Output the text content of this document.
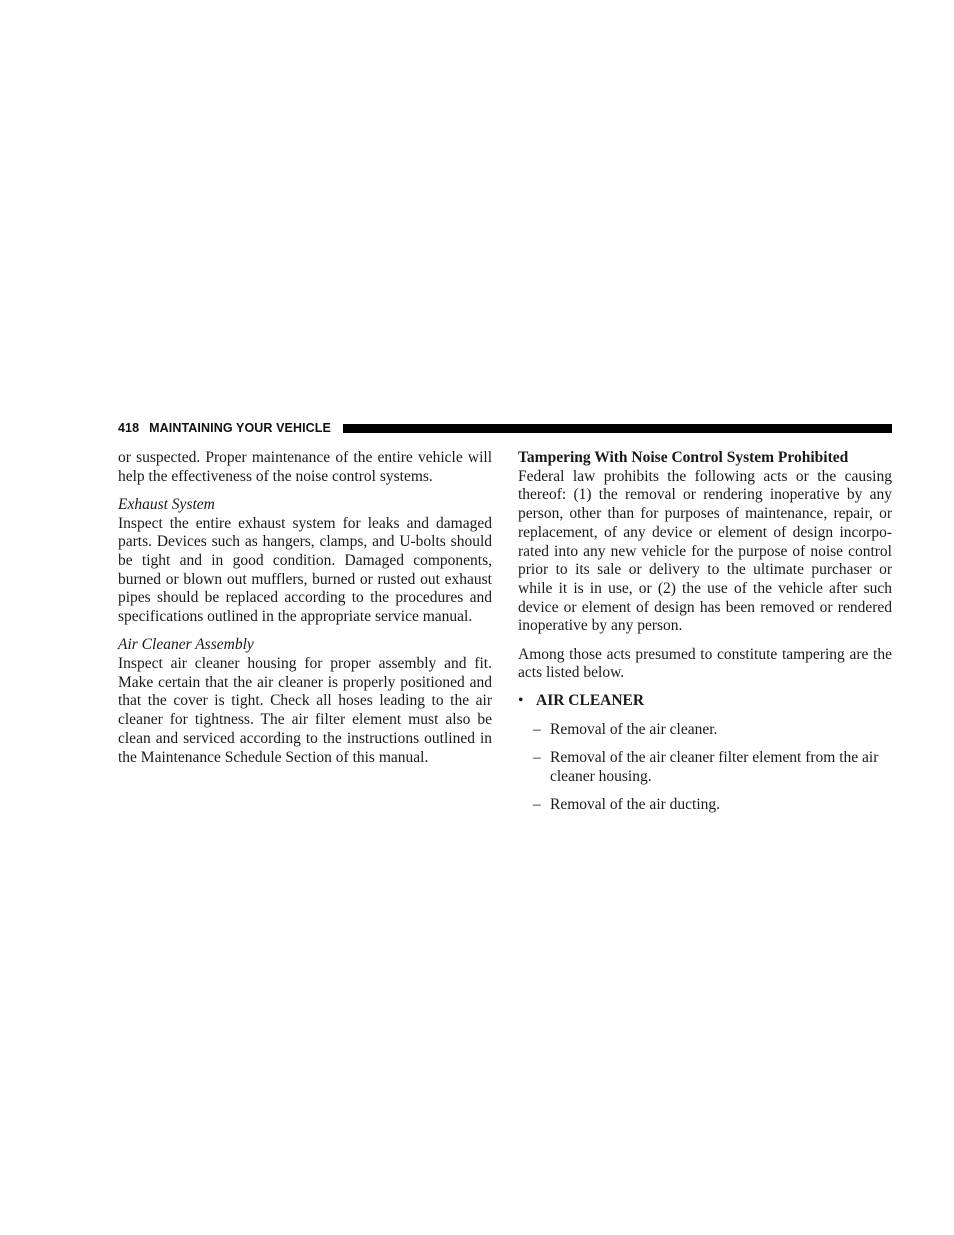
418 MAINTAINING YOUR VEHICLE

or suspected. Proper maintenance of the entire vehicle will help the effectiveness of the noise control systems.

Exhaust System
Inspect the entire exhaust system for leaks and damaged parts. Devices such as hangers, clamps, and U-bolts should be tight and in good condition. Damaged components, burned or blown out mufflers, burned or rusted out exhaust pipes should be replaced according to the procedures and specifications outlined in the appropriate service manual.

Air Cleaner Assembly
Inspect air cleaner housing for proper assembly and fit. Make certain that the air cleaner is properly positioned and that the cover is tight. Check all hoses leading to the air cleaner for tightness. The air filter element must also be clean and serviced according to the instructions outlined in the Maintenance Schedule Section of this manual.

Tampering With Noise Control System Prohibited
Federal law prohibits the following acts or the causing thereof: (1) the removal or rendering inoperative by any person, other than for purposes of maintenance, repair, or replacement, of any device or element of design incorporated into any new vehicle for the purpose of noise control prior to its sale or delivery to the ultimate purchaser or while it is in use, or (2) the use of the vehicle after such device or element of design has been removed or rendered inoperative by any person.

Among those acts presumed to constitute tampering are the acts listed below.

• AIR CLEANER
– Removal of the air cleaner.
– Removal of the air cleaner filter element from the air cleaner housing.
– Removal of the air ducting.
